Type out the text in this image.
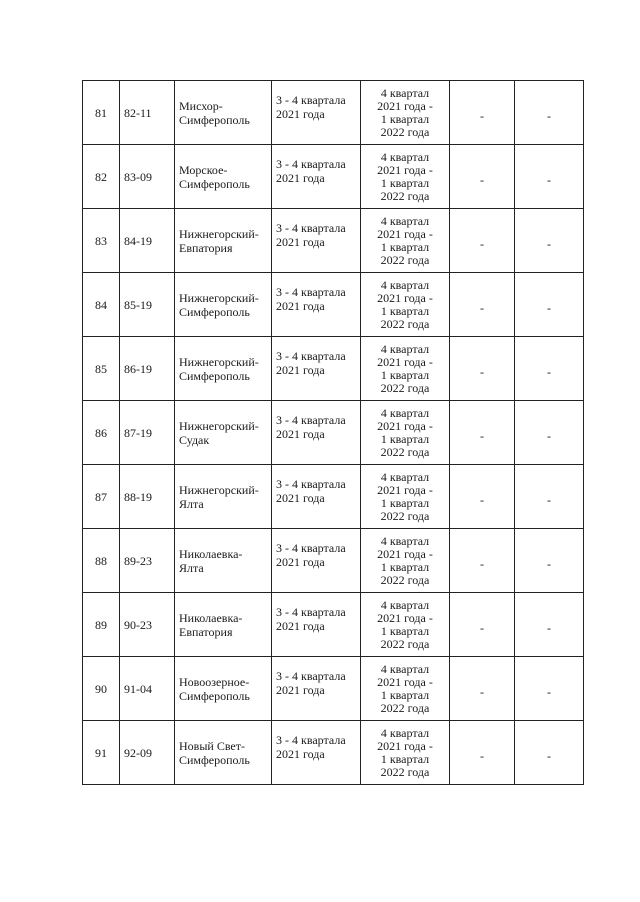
81	82-11	Мисхор-
Симферополь	3 - 4 квартала
2021 года	4 квартал
2021 года -
1 квартал
2022 года	-	-

82	83-09	Морское-
Симферополь	3 - 4 квартала
2021 года	4 квартал
2021 года -
1 квартал
2022 года	-	-

83	84-19	Нижнегорский-
Евпатория	3 - 4 квартала
2021 года	4 квартал
2021 года -
1 квартал
2022 года	-	-

84	85-19	Нижнегорский-
Симферополь	3 - 4 квартала
2021 года	4 квартал
2021 года -
1 квартал
2022 года	-	-

85	86-19	Нижнегорский-
Симферополь	3 - 4 квартала
2021 года	4 квартал
2021 года -
1 квартал
2022 года	-	-

86	87-19	Нижнегорский-
Судак	3 - 4 квартала
2021 года	4 квартал
2021 года -
1 квартал
2022 года	-	-

87	88-19	Нижнегорский-
Ялта	3 - 4 квартала
2021 года	4 квартал
2021 года -
1 квартал
2022 года	-	-

88	89-23	Николаевка-Ялта	3 - 4 квартала
2021 года	4 квартал
2021 года -
1 квартал
2022 года	-	-

89	90-23	Николаевка-
Евпатория	3 - 4 квартала
2021 года	4 квартал
2021 года -
1 квартал
2022 года	-	-

90	91-04	Новоозерное-
Симферополь	3 - 4 квартала
2021 года	4 квартал
2021 года -
1 квартал
2022 года	-	-

91	92-09	Новый Свет-
Симферополь	3 - 4 квартала
2021 года	4 квартал
2021 года -
1 квартал
2022 года	-	-
